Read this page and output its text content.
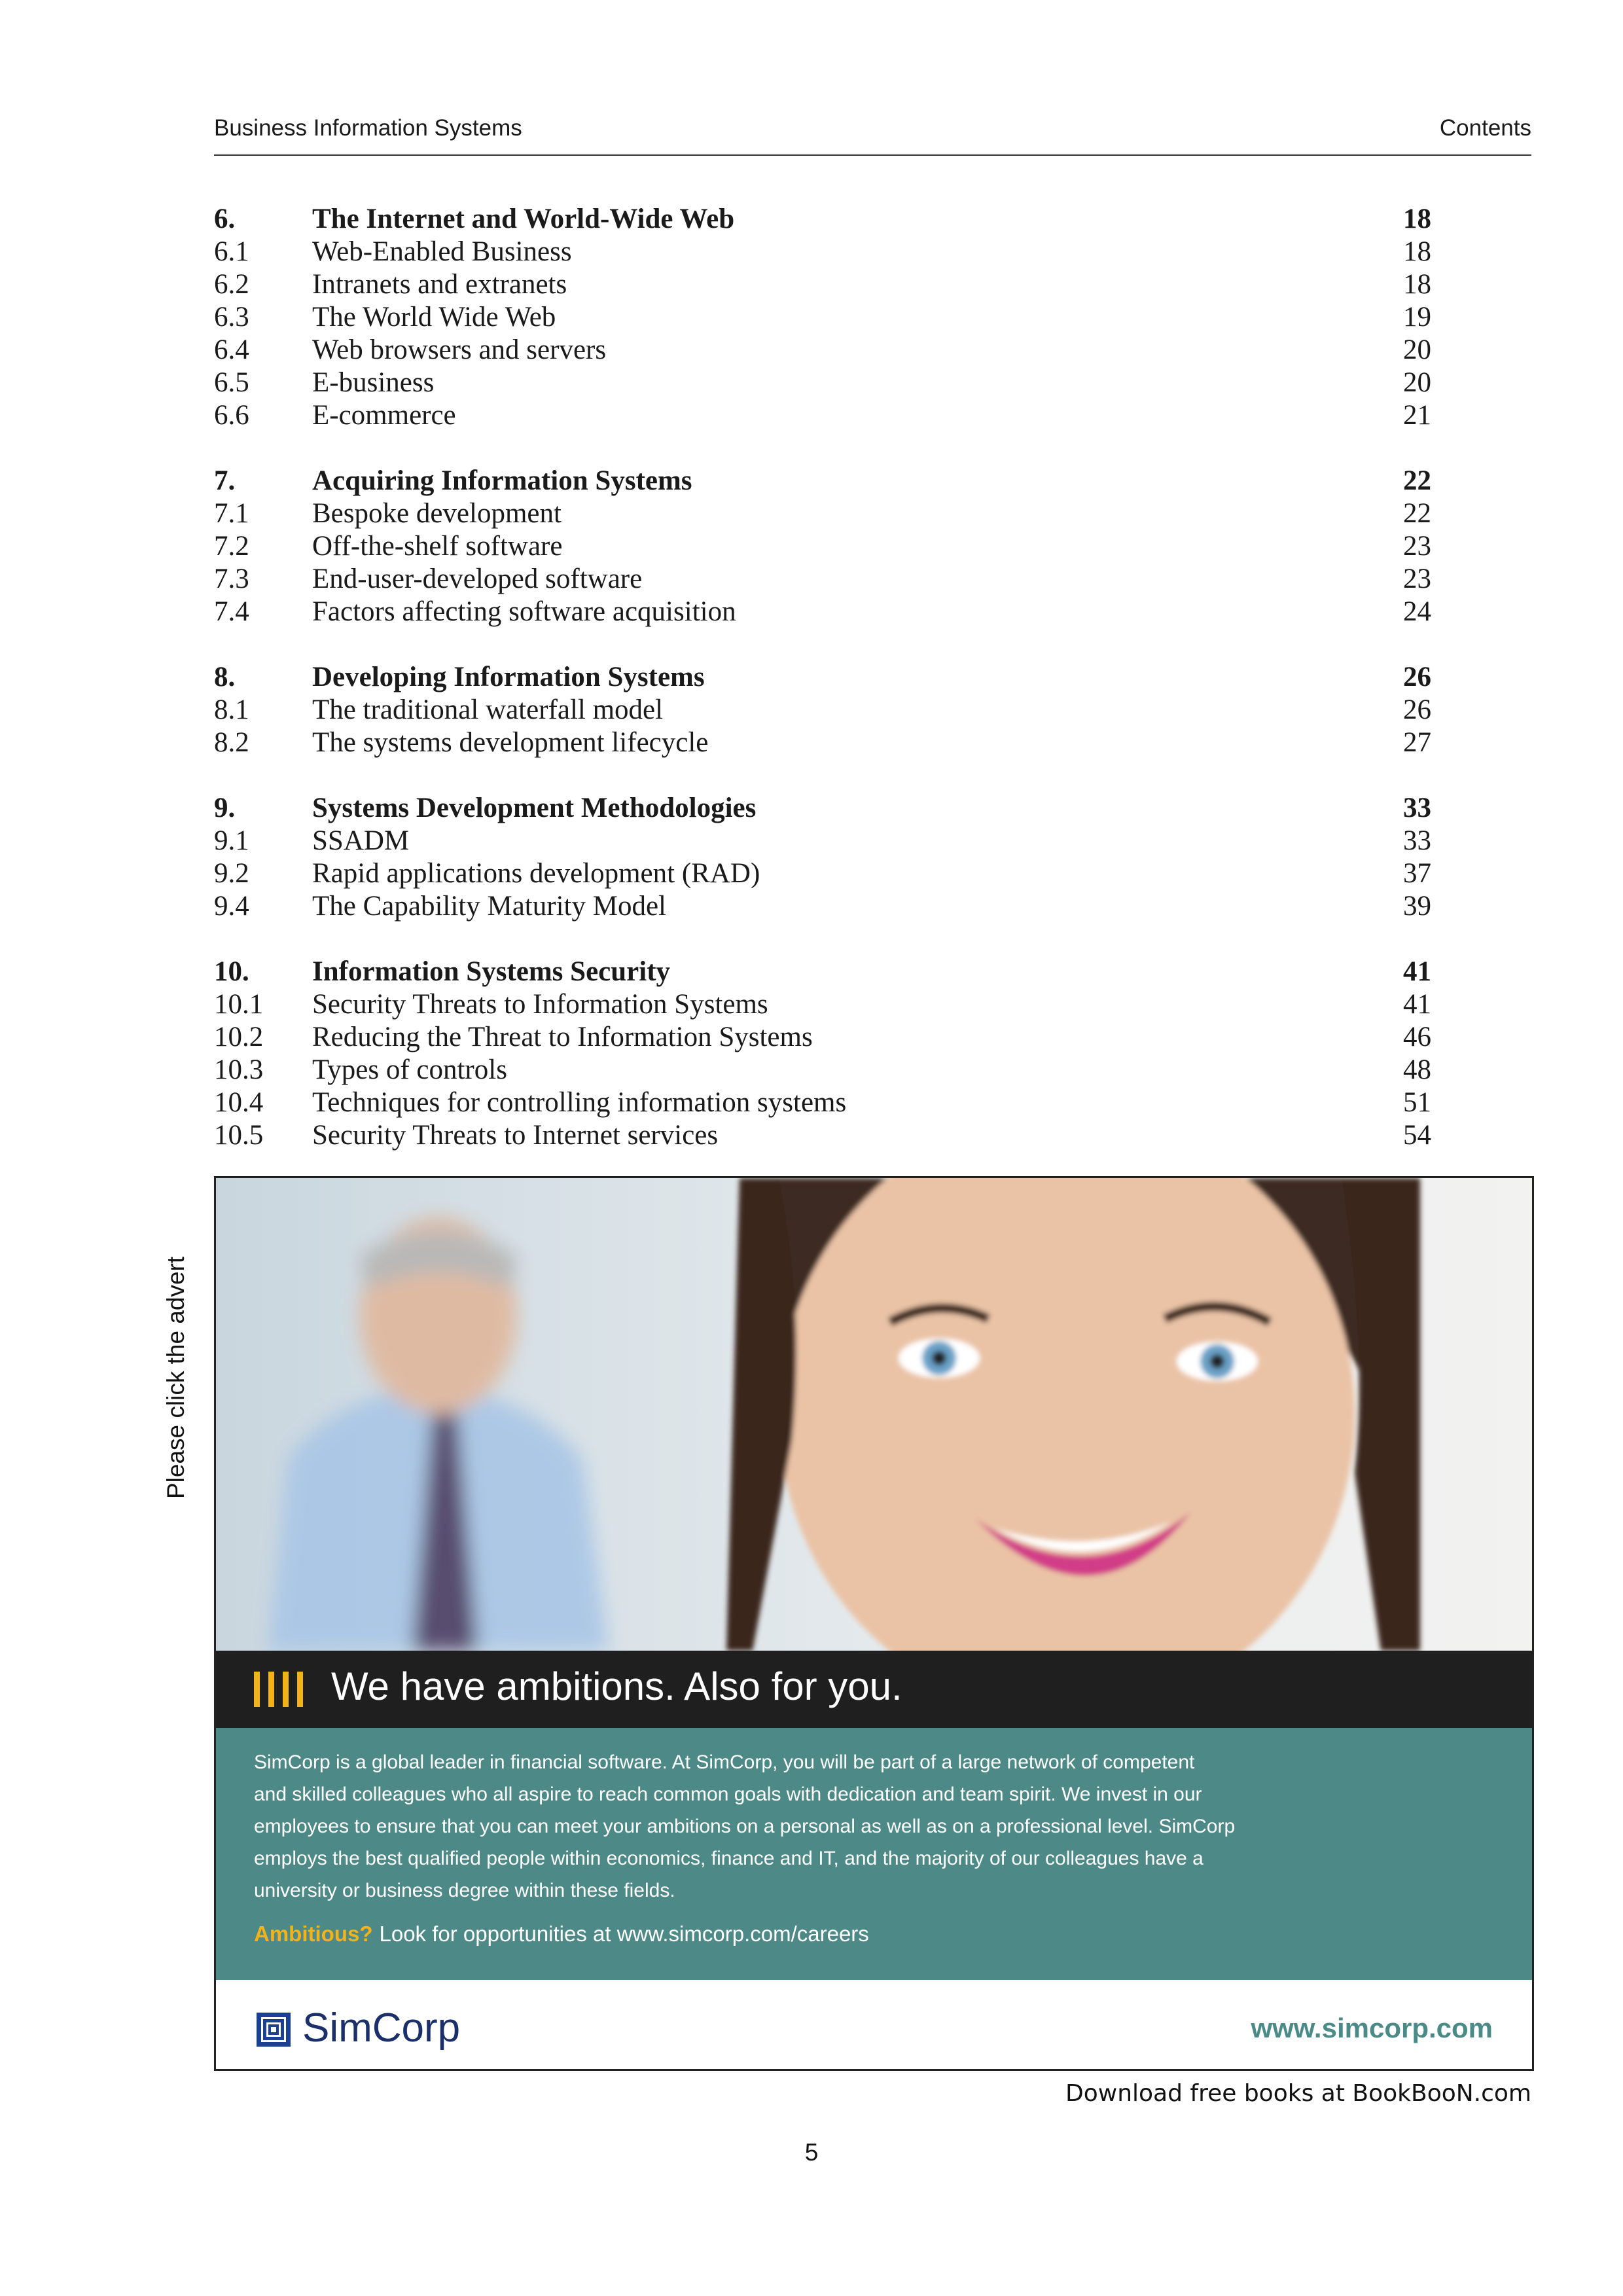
Business Information Systems	Contents
6.	The Internet and World-Wide Web	18
6.1 Web-Enabled Business	18
6.2 Intranets and extranets	18
6.3 The World Wide Web	19
6.4 Web browsers and servers	20
6.5 E-business	20
6.6 E-commerce	21
7.	Acquiring Information Systems	22
7.1 Bespoke development	22
7.2 Off-the-shelf software	23
7.3 End-user-developed software	23
7.4 Factors affecting software acquisition	24
8.	Developing Information Systems	26
8.1 The traditional waterfall model	26
8.2 The systems development lifecycle	27
9.	Systems Development Methodologies	33
9.1 SSADM	33
9.2 Rapid applications development (RAD)	37
9.4 The Capability Maturity Model	39
10. Information Systems Security	41
10.1 Security Threats to Information Systems	41
10.2 Reducing the Threat to Information Systems	46
10.3 Types of controls	48
10.4 Techniques for controlling information systems	51
10.5 Security Threats to Internet services	54
Please click the advert
We have ambitions. Also for you.
SimCorp is a global leader in financial software. At SimCorp, you will be part of a large network of competent
and skilled colleagues who all aspire to reach common goals with dedication and team spirit. We invest in our
employees to ensure that you can meet your ambitions on a personal as well as on a professional level. SimCorp
employs the best qualified people within economics, finance and IT, and the majority of our colleagues have a
university or business degree within these fields.
Ambitious? Look for opportunities at www.simcorp.com/careers
SimCorp	www.simcorp.com
Download free books at BookBooN.com
5
